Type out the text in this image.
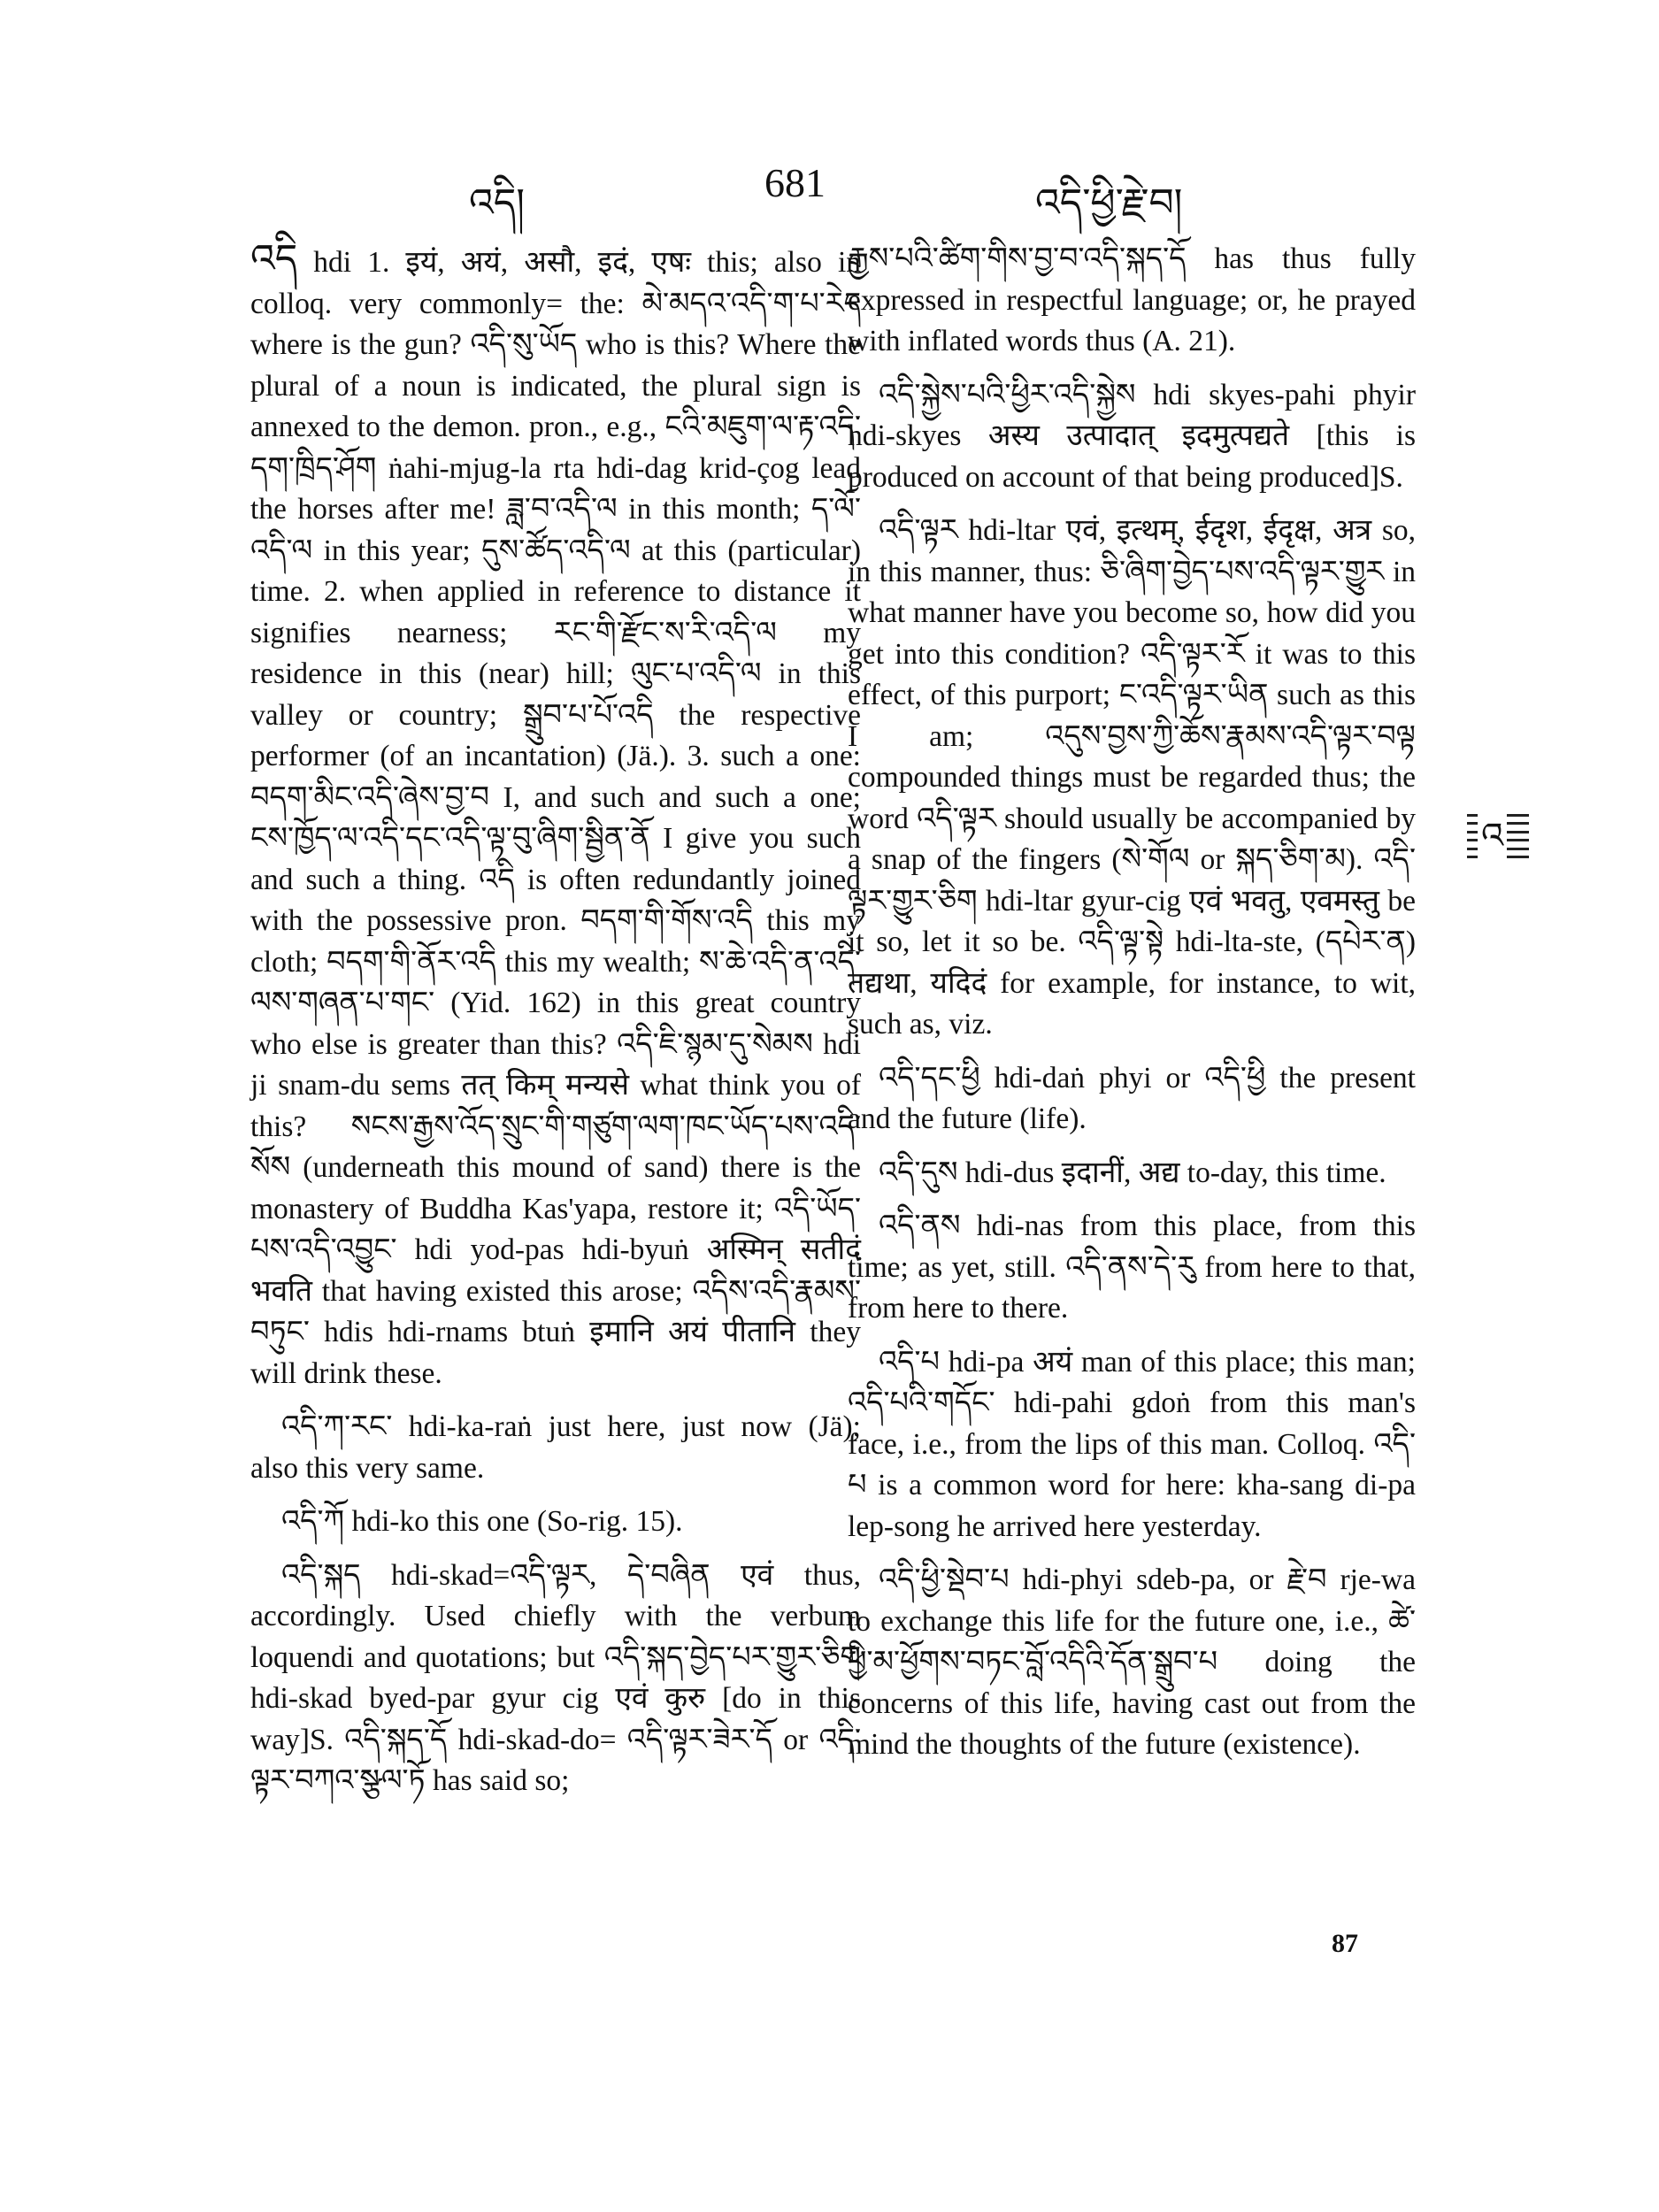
འདི།	681	འདི་ཕྱི་རྗེ་བ།

འདི hdi 1. इयं, अयं, असौ, इदं, एषः this; also in colloq. very commonly= the: མེ་མདའ་འདི་ག་པ་རེད where is the gun? འདི་སུ་ཡོད who is this? Where the plural of a noun is indicated, the plural sign is annexed to the demon. pron., e.g., ངའི་མཇུག་ལ་རྟ་འདི་དག་ཁྲིད་ཤོག ṅahi-mjug-la rta hdi-dag krid-çog lead the horses after me! ཟླ་བ་འདི་ལ in this month; ད་ལོ་འདི་ལ in this year; དུས་ཚོད་འདི་ལ at this (particular) time. 2. when applied in reference to distance it signifies nearness; རང་གི་རྫོང་ས་རི་འདི་ལ my residence in this (near) hill; ལུང་པ་འདི་ལ in this valley or country; སྒྲུབ་པ་པོ་འདི the respective performer (of an incantation) (Jä.). 3. such a one: བདག་མིང་འདི་ཞེས་བྱ་བ I, and such and such a one; ངས་ཁྱོད་ལ་འདི་དང་འདི་ལྟ་བུ་ཞིག་སྦྱིན་ནོ I give you such and such a thing. འདི is often redundantly joined with the possessive pron. བདག་གི་གོས་འདི this my cloth; བདག་གི་ནོར་འདི this my wealth; ས་ཆེ་འདི་ན་འདི་ལས་གཞན་པ་གང་ (Yid. 162) in this great country who else is greater than this? འདི་ཇི་སྙམ་དུ་སེམས hdi ji snam-du sems तत् किम् मन्यसे what think you of this? སངས་རྒྱས་འོད་སྲུང་གི་གཙུག་ལག་ཁང་ཡོད་པས་འདི་སོས (underneath this mound of sand) there is the monastery of Buddha Kas'yapa, restore it; འདི་ཡོད་པས་འདི་འབྱུང་ hdi yod-pas hdi-byuṅ अस्मिन् सतीदं भवति that having existed this arose; འདིས་འདི་རྣམས་བཏུང་ hdis hdi-rnams btuṅ इमानि अयं पीतानि they will drink these.

འདི་ཀ་རང་ hdi-ka-raṅ just here, just now (Jä); also this very same.

འདི་ཀོ hdi-ko this one (So-rig. 15).

འདི་སྐད hdi-skad=འདི་ལྟར, དེ་བཞིན एवं thus, accordingly. Used chiefly with the verbum loquendi and quotations; but འདི་སྐད་བྱེད་པར་གྱུར་ཅིག hdi-skad byed-par gyur cig एवं कुरु [do in this way]S. འདི་སྐད་དོ hdi-skad-do= འདི་ལྟར་ཟེར་དོ or འདི་ལྟར་བཀའ་སྩལ་ཏོ has said so;

རྒྱས་པའི་ཚིག་གིས་བྱ་བ་འདི་སྐད་དོ has thus fully expressed in respectful language; or, he prayed with inflated words thus (A. 21).

འདི་སྐྱེས་པའི་ཕྱིར་འདི་སྐྱེས hdi skyes-pahi phyir hdi-skyes अस्य उत्पादात् इदमुत्पद्यते [this is produced on account of that being produced]S.

འདི་ལྟར hdi-ltar एवं, इत्थम्, ईदृश, ईदृक्ष, अत्र so, in this manner, thus: ཅི་ཞིག་བྱེད་པས་འདི་ལྟར་གྱུར in what manner have you become so, how did you get into this condition? འདི་ལྟར་རོ it was to this effect, of this purport; ང་འདི་ལྟར་ཡིན such as this I am; འདུས་བྱས་ཀྱི་ཆོས་རྣམས་འདི་ལྟར་བལྟ compounded things must be regarded thus; the word འདི་ལྟར should usually be accompanied by a snap of the fingers (སེ་གོལ or སྐད་ཅིག་མ). འདི་ལྟར་གྱུར་ཅིག hdi-ltar gyur-cig एवं भवतु, एवमस्तु be it so, let it so be. འདི་ལྟ་སྟེ hdi-lta-ste, (དཔེར་ན) तद्यथा, यदिदं for example, for instance, to wit, such as, viz.

འདི་དང་ཕྱི hdi-daṅ phyi or འདི་ཕྱི the present and the future (life).

འདི་དུས hdi-dus इदानीं, अद्य to-day, this time.

འདི་ནས hdi-nas from this place, from this time; as yet, still. འདི་ནས་དེ་རུ from here to that, from here to there.

འདི་པ hdi-pa अयं man of this place; this man; འདི་པའི་གདོང་ hdi-pahi gdoṅ from this man's face, i.e., from the lips of this man. Colloq. འདི་པ is a common word for here: kha-sang di-pa lep-song he arrived here yesterday.

འདི་ཕྱི་སྡེབ་པ hdi-phyi sdeb-pa, or རྗེ་བ rje-wa to exchange this life for the future one, i.e., ཚེ་ཕྱི་མ་ཕྱོགས་བཏང་བློ་འདིའི་དོན་སྒྲུབ་པ doing the concerns of this life, having cast out from the mind the thoughts of the future (existence).

འ
87
